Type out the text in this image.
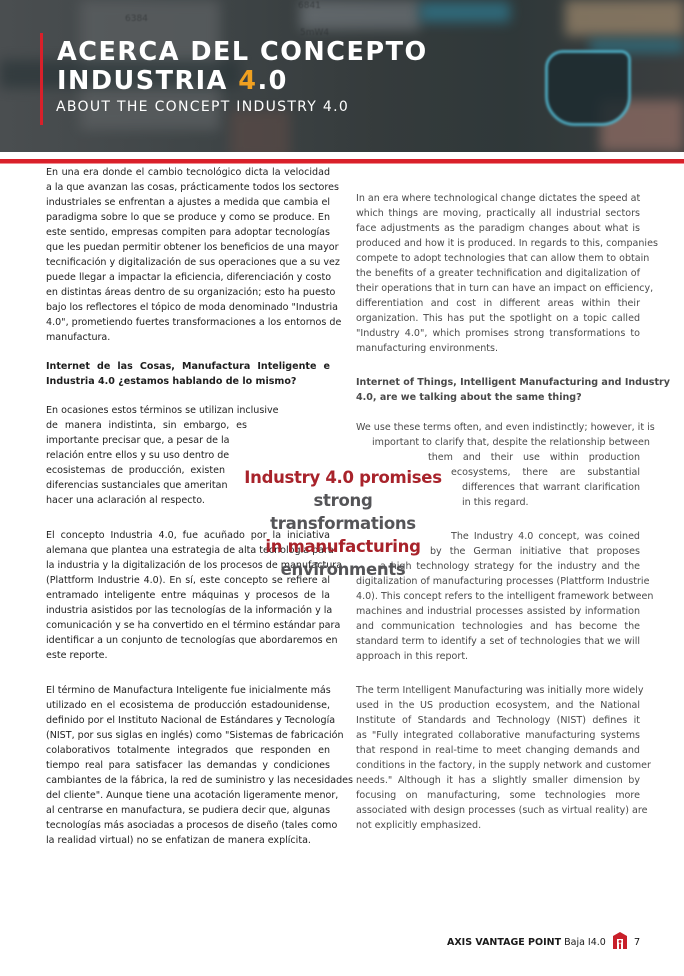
6384
6841
5mW4
ACERCA DEL CONCEPTO
INDUSTRIA 4.0
ABOUT THE CONCEPT INDUSTRY 4.0
En una era donde el cambio tecnológico dicta la velocidad
a la que avanzan las cosas, prácticamente todos los sectores
industriales se enfrentan a ajustes a medida que cambia el
paradigma sobre lo que se produce y como se produce. En
este sentido, empresas compiten para adoptar tecnologías
que les puedan permitir obtener los beneficios de una mayor
tecnificación y digitalización de sus operaciones que a su vez
puede llegar a impactar la eficiencia, diferenciación y costo
en distintas áreas dentro de su organización; esto ha puesto
bajo los reflectores el tópico de moda denominado "Industria
4.0", prometiendo fuertes transformaciones a los entornos de
manufactura.
Internet de las Cosas, Manufactura Inteligente e
Industria 4.0 ¿estamos hablando de lo mismo?
En ocasiones estos términos se utilizan inclusive
de manera indistinta, sin embargo, es
importante precisar que, a pesar de la
relación entre ellos y su uso dentro de
ecosistemas de producción, existen
diferencias sustanciales que ameritan
hacer una aclaración al respecto.
El concepto Industria 4.0, fue acuñado por la iniciativa
alemana que plantea una estrategia de alta tecnología para
la industria y la digitalización de los procesos de manufactura
(Plattform Industrie 4.0). En sí, este concepto se refiere al
entramado inteligente entre máquinas y procesos de la
industria asistidos por las tecnologías de la información y la
comunicación y se ha convertido en el término estándar para
identificar a un conjunto de tecnologías que abordaremos en
este reporte.
El término de Manufactura Inteligente fue inicialmente más
utilizado en el ecosistema de producción estadounidense,
definido por el Instituto Nacional de Estándares y Tecnología
(NIST, por sus siglas en inglés) como "Sistemas de fabricación
colaborativos totalmente integrados que responden en
tiempo real para satisfacer las demandas y condiciones
cambiantes de la fábrica, la red de suministro y las necesidades
del cliente". Aunque tiene una acotación ligeramente menor,
al centrarse en manufactura, se pudiera decir que, algunas
tecnologías más asociadas a procesos de diseño (tales como
la realidad virtual) no se enfatizan de manera explícita.
In an era where technological change dictates the speed at
which things are moving, practically all industrial sectors
face adjustments as the paradigm changes about what is
produced and how it is produced. In regards to this, companies
compete to adopt technologies that can allow them to obtain
the benefits of a greater technification and digitalization of
their operations that in turn can have an impact on efficiency,
differentiation and cost in different areas within their
organization. This has put the spotlight on a topic called
"Industry 4.0", which promises strong transformations to
manufacturing environments.
Internet of Things, Intelligent Manufacturing and Industry
4.0, are we talking about the same thing?
We use these terms often, and even indistinctly; however, it is
important to clarify that, despite the relationship between
them and their use within production
ecosystems, there are substantial
differences that warrant clarification
in this regard.
The Industry 4.0 concept, was coined
by the German initiative that proposes
a high technology strategy for the industry and the
digitalization of manufacturing processes (Plattform Industrie
4.0). This concept refers to the intelligent framework between
machines and industrial processes assisted by information
and communication technologies and has become the
standard term to identify a set of technologies that we will
approach in this report.
The term Intelligent Manufacturing was initially more widely
used in the US production ecosystem, and the National
Institute of Standards and Technology (NIST) defines it
as "Fully integrated collaborative manufacturing systems
that respond in real-time to meet changing demands and
conditions in the factory, in the supply network and customer
needs." Although it has a slightly smaller dimension by
focusing on manufacturing, some technologies more
associated with design processes (such as virtual reality) are
not explicitly emphasized.
Industry 4.0 promises
strong transformations
in manufacturing
environments
AXIS VANTAGE POINT Baja I4.0	7
